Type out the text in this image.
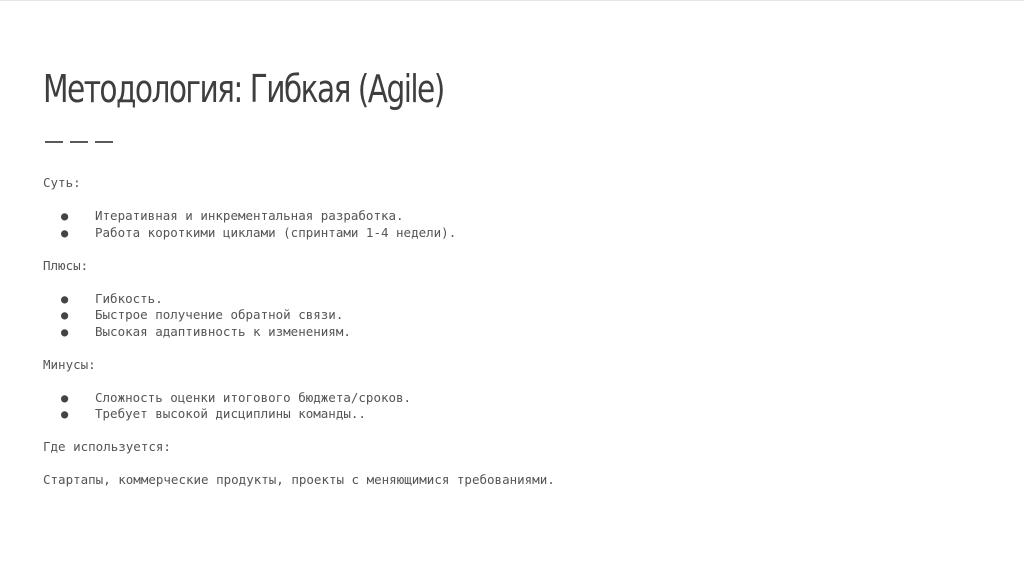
Методология: Гибкая (Agile)

Суть:

● Итеративная и инкрементальная разработка.
● Работа короткими циклами (спринтами 1-4 недели).

Плюсы:

● Гибкость.
● Быстрое получение обратной связи.
● Высокая адаптивность к изменениям.

Минусы:

● Сложность оценки итогового бюджета/сроков.
● Требует высокой дисциплины команды..

Где используется:

Стартапы, коммерческие продукты, проекты с меняющимися требованиями.
